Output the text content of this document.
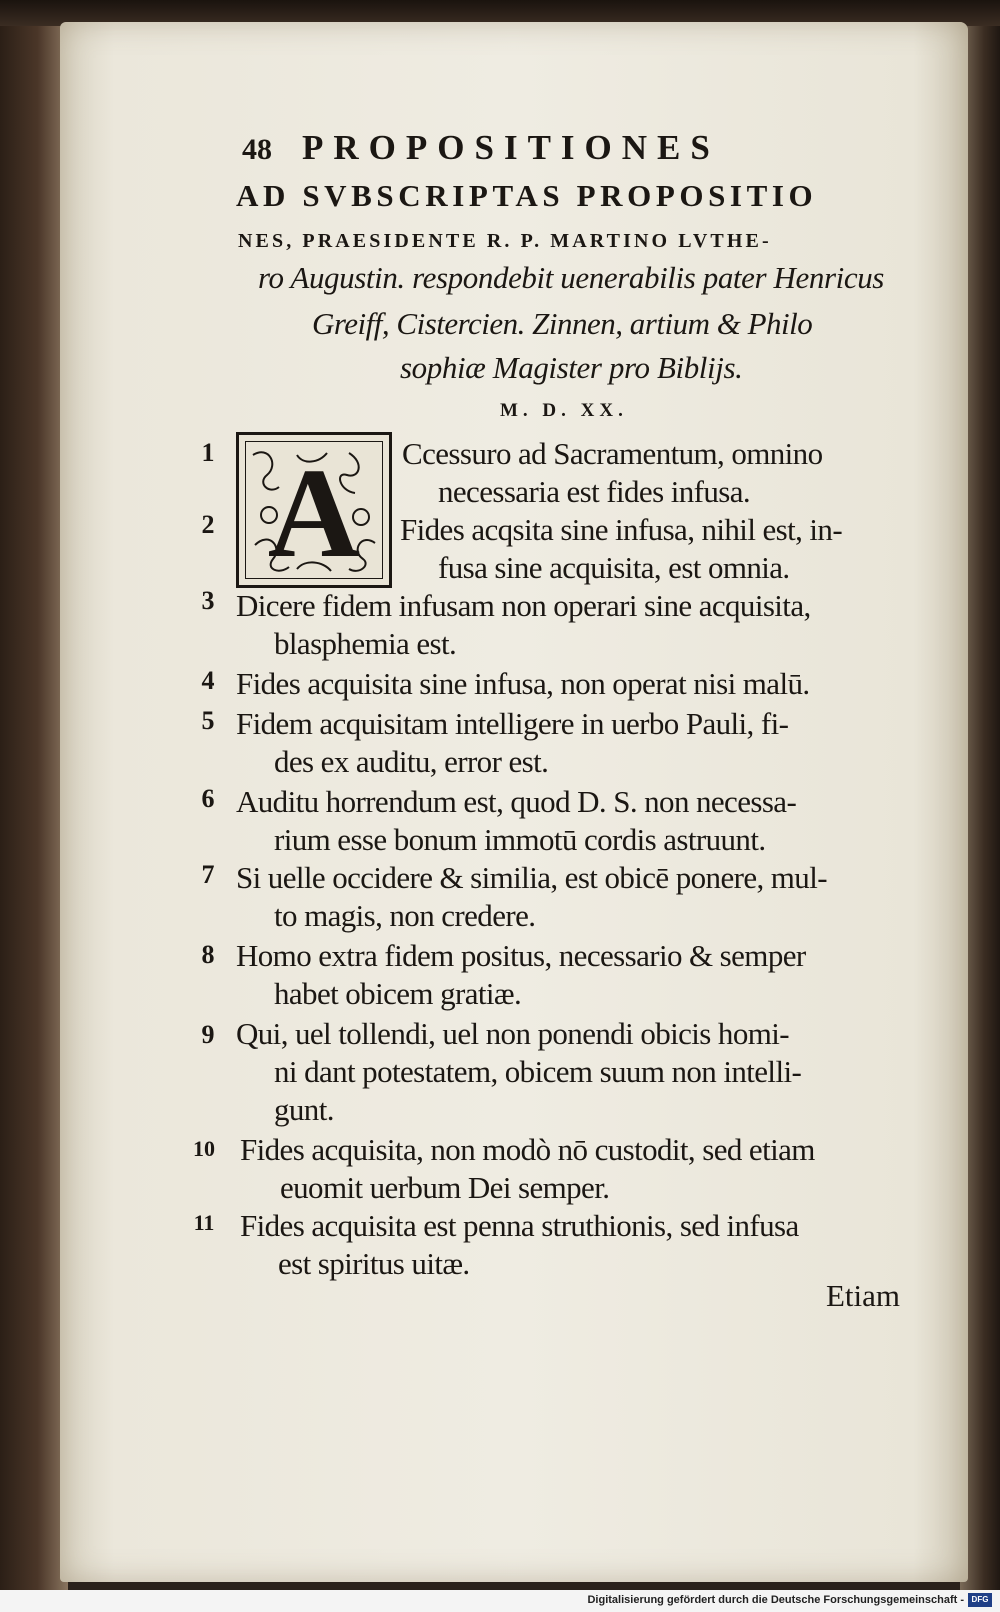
48 PROPOSITIONES
AD SVBSCRIPTAS PROPOSITIO
NES, PRAESIDENTE R. P. MARTINO LVTHE-
ro Augustin. respondebit uenerabilis pater Henricus
Greiff, Cistercien. Zinnen, artium & Philo
sophiæ Magister pro Biblijs.
M. D. XX.
A
1
2
3
4
5
6
7
8
9
10
11
Ccessuro ad Sacramentum, omnino
necessaria est fides infusa.
Fides acqsita sine infusa, nihil est, in-
fusa sine acquisita, est omnia.
Dicere fidem infusam non operari sine acquisita,
blasphemia est.
Fides acquisita sine infusa, non operat nisi malū.
Fidem acquisitam intelligere in uerbo Pauli, fi-
des ex auditu, error est.
Auditu horrendum est, quod D. S. non necessa-
rium esse bonum immotū cordis astruunt.
Si uelle occidere & similia, est obicē ponere, mul-
to magis, non credere.
Homo extra fidem positus, necessario & semper
habet obicem gratiæ.
Qui, uel tollendi, uel non ponendi obicis homi-
ni dant potestatem, obicem suum non intelli-
gunt.
Fides acquisita, non modò nō custodit, sed etiam
euomit uerbum Dei semper.
Fides acquisita est penna struthionis, sed infusa
est spiritus uitæ.
Etiam
Digitalisierung gefördert durch die Deutsche Forschungsgemeinschaft - DFG
